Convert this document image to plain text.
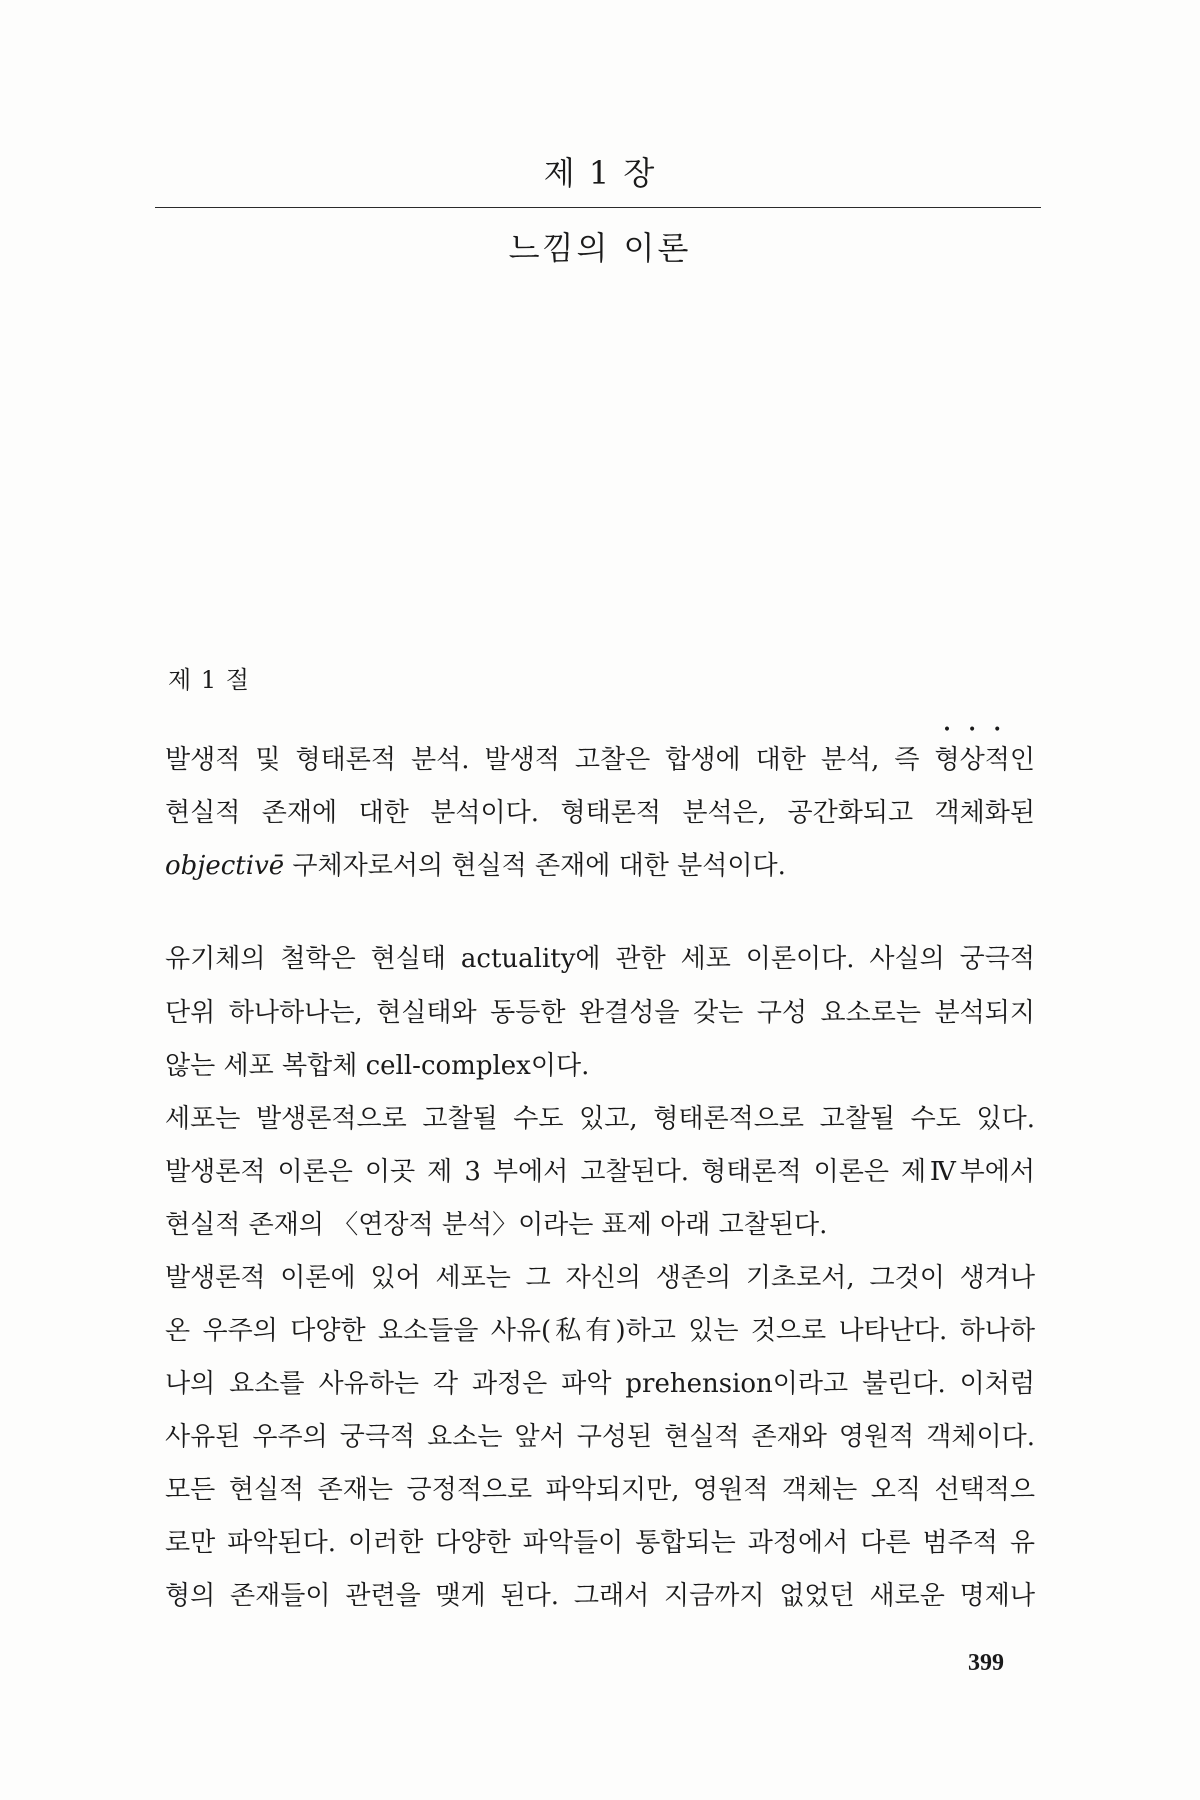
제 1 장
느낌의 이론
제 1 절
발생적 및 형태론적 분석. 발생적 고찰은 합생에 대한 분석, 즉 형상적인
현실적 존재에 대한 분석이다. 형태론적 분석은, 공간화되고 객체화된
objectivē 구체자로서의 현실적 존재에 대한 분석이다.
유기체의 철학은 현실태 actuality에 관한 세포 이론이다. 사실의 궁극적
단위 하나하나는, 현실태와 동등한 완결성을 갖는 구성 요소로는 분석되지
않는 세포 복합체 cell-complex이다.
세포는 발생론적으로 고찰될 수도 있고, 형태론적으로 고찰될 수도 있다.
발생론적 이론은 이곳 제 3 부에서 고찰된다. 형태론적 이론은 제Ⅳ부에서
현실적 존재의 〈연장적 분석〉이라는 표제 아래 고찰된다.
발생론적 이론에 있어 세포는 그 자신의 생존의 기초로서, 그것이 생겨나
온 우주의 다양한 요소들을 사유(私有)하고 있는 것으로 나타난다. 하나하
나의 요소를 사유하는 각 과정은 파악 prehension이라고 불린다. 이처럼
사유된 우주의 궁극적 요소는 앞서 구성된 현실적 존재와 영원적 객체이다.
모든 현실적 존재는 긍정적으로 파악되지만, 영원적 객체는 오직 선택적으
로만 파악된다. 이러한 다양한 파악들이 통합되는 과정에서 다른 범주적 유
형의 존재들이 관련을 맺게 된다. 그래서 지금까지 없었던 새로운 명제나
399
